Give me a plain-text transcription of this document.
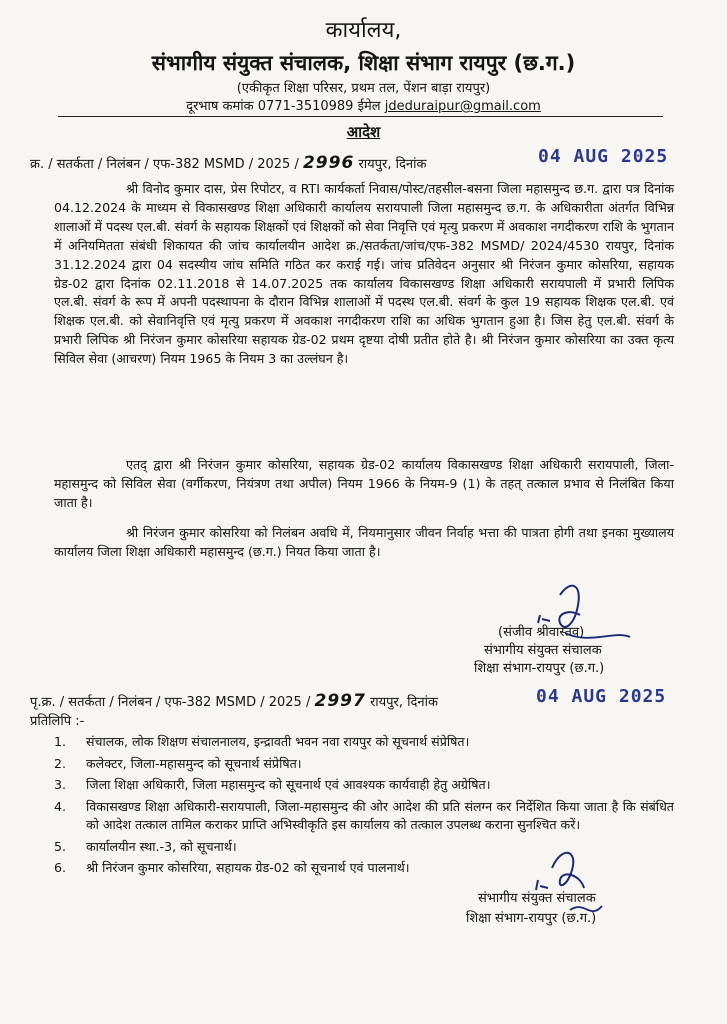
कार्यालय,
संभागीय संयुक्त संचालक, शिक्षा संभाग रायपुर (छ.ग.)
(एकीकृत शिक्षा परिसर, प्रथम तल, पेंशन बाड़ा रायपुर)
दूरभाष कमांक 0771-3510989 ईमेल jdeduraipur@gmail.com
आदेश
क्र. / सतर्कता / निलंबन / एफ-382 MSMD / 2025 / 2996 रायपुर, दिनांक	04 AUG 2025
श्री विनोद कुमार दास, प्रेस रिपोटर, व RTI कार्यकर्ता निवास/पोस्ट/तहसील-बसना जिला महासमुन्द छ.ग. द्वारा पत्र दिनांक 04.12.2024 के माध्यम से विकासखण्ड शिक्षा अधिकारी कार्यालय सरायपाली जिला महासमुन्द छ.ग. के अधिकारीता अंतर्गत विभिन्न शालाओं में पदस्थ एल.बी. संवर्ग के सहायक शिक्षकों एवं शिक्षकों को सेवा निवृत्ति एवं मृत्यु प्रकरण में अवकाश नगदीकरण राशि के भुगतान में अनियमितता संबंधी शिकायत की जांच कार्यालयीन आदेश क्र./सतर्कता/जांच/एफ-382 MSMD/ 2024/4530 रायपुर, दिनांक 31.12.2024 द्वारा 04 सदस्यीय जांच समिति गठित कर कराई गई। जांच प्रतिवेदन अनुसार श्री निरंजन कुमार कोसरिया, सहायक ग्रेड-02 द्वारा दिनांक 02.11.2018 से 14.07.2025 तक कार्यालय विकासखण्ड शिक्षा अधिकारी सरायपाली में प्रभारी लिपिक एल.बी. संवर्ग के रूप में अपनी पदस्थापना के दौरान विभिन्न शालाओं में पदस्थ एल.बी. संवर्ग के कुल 19 सहायक शिक्षक एल.बी. एवं शिक्षक एल.बी. को सेवानिवृत्ति एवं मृत्यु प्रकरण में अवकाश नगदीकरण राशि का अधिक भुगतान हुआ है। जिस हेतु एल.बी. संवर्ग के प्रभारी लिपिक श्री निरंजन कुमार कोसरिया सहायक ग्रेड-02 प्रथम दृष्टया दोषी प्रतीत होते है। श्री निरंजन कुमार कोसरिया का उक्त कृत्य सिविल सेवा (आचरण) नियम 1965 के नियम 3 का उल्लंघन है।
एतद् द्वारा श्री निरंजन कुमार कोसरिया, सहायक ग्रेड-02 कार्यालय विकासखण्ड शिक्षा अधिकारी सरायपाली, जिला-महासमुन्द को सिविल सेवा (वर्गीकरण, नियंत्रण तथा अपील) नियम 1966 के नियम-9 (1) के तहत् तत्काल प्रभाव से निलंबित किया जाता है।
श्री निरंजन कुमार कोसरिया को निलंबन अवधि में, नियमानुसार जीवन निर्वाह भत्ता की पात्रता होगी तथा इनका मुख्यालय कार्यालय जिला शिक्षा अधिकारी महासमुन्द (छ.ग.) नियत किया जाता है।
(संजीव श्रीवास्तव)
संभागीय संयुक्त संचालक
शिक्षा संभाग-रायपुर (छ.ग.)
पृ.क्र. / सतर्कता / निलंबन / एफ-382 MSMD / 2025 / 2997 रायपुर, दिनांक	04 AUG 2025
प्रतिलिपि :-
1. संचालक, लोक शिक्षण संचालनालय, इन्द्रावती भवन नवा रायपुर को सूचनार्थ संप्रेषित।
2. कलेक्टर, जिला-महासमुन्द को सूचनार्थ संप्रेषित।
3. जिला शिक्षा अधिकारी, जिला महासमुन्द को सूचनार्थ एवं आवश्यक कार्यवाही हेतु अग्रेषित।
4. विकासखण्ड शिक्षा अधिकारी-सरायपाली, जिला-महासमुन्द की ओर आदेश की प्रति संलग्न कर निर्देशित किया जाता है कि संबंधित को आदेश तत्काल तामिल कराकर प्राप्ति अभिस्वीकृति इस कार्यालय को तत्काल उपलब्ध कराना सुनश्चित करें।
5. कार्यालयीन स्था.-3, को सूचनार्थ।
6. श्री निरंजन कुमार कोसरिया, सहायक ग्रेड-02 को सूचनार्थ एवं पालनार्थ।
संभागीय संयुक्त संचालक
शिक्षा संभाग-रायपुर (छ.ग.)
